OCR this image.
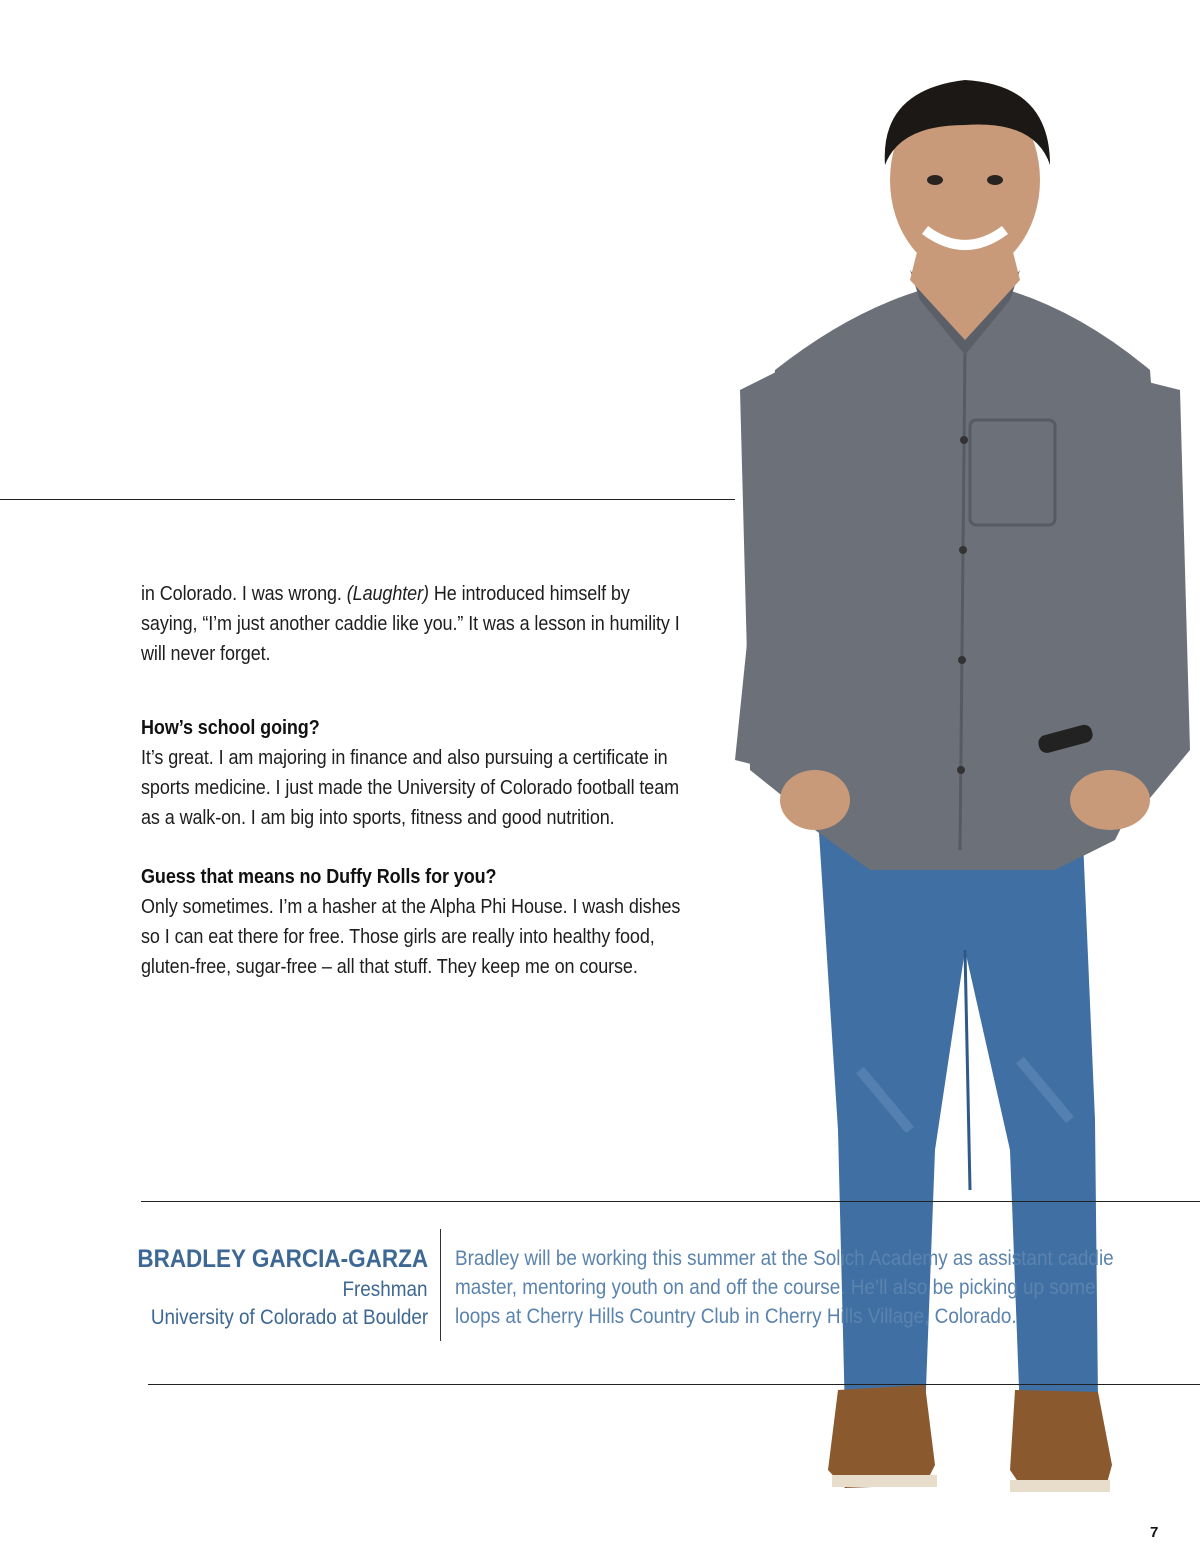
in Colorado. I was wrong. (Laughter) He introduced himself by saying, “I’m just another caddie like you.” It was a lesson in humility I will never forget.

How’s school going?

It’s great. I am majoring in finance and also pursuing a certificate in sports medicine. I just made the University of Colorado football team as a walk-on. I am big into sports, fitness and good nutrition.

Guess that means no Duffy Rolls for you?

Only sometimes. I’m a hasher at the Alpha Phi House. I wash dishes so I can eat there for free. Those girls are really into healthy food, gluten-free, sugar-free – all that stuff. They keep me on course.

BRADLEY GARCIA-GARZA
Freshman
University of Colorado at Boulder
Bradley will be working this summer at the Solich Academy as assistant caddie master, mentoring youth on and off the course. He’ll also be picking up some loops at Cherry Hills Country Club in Cherry Hills Village, Colorado.
7
